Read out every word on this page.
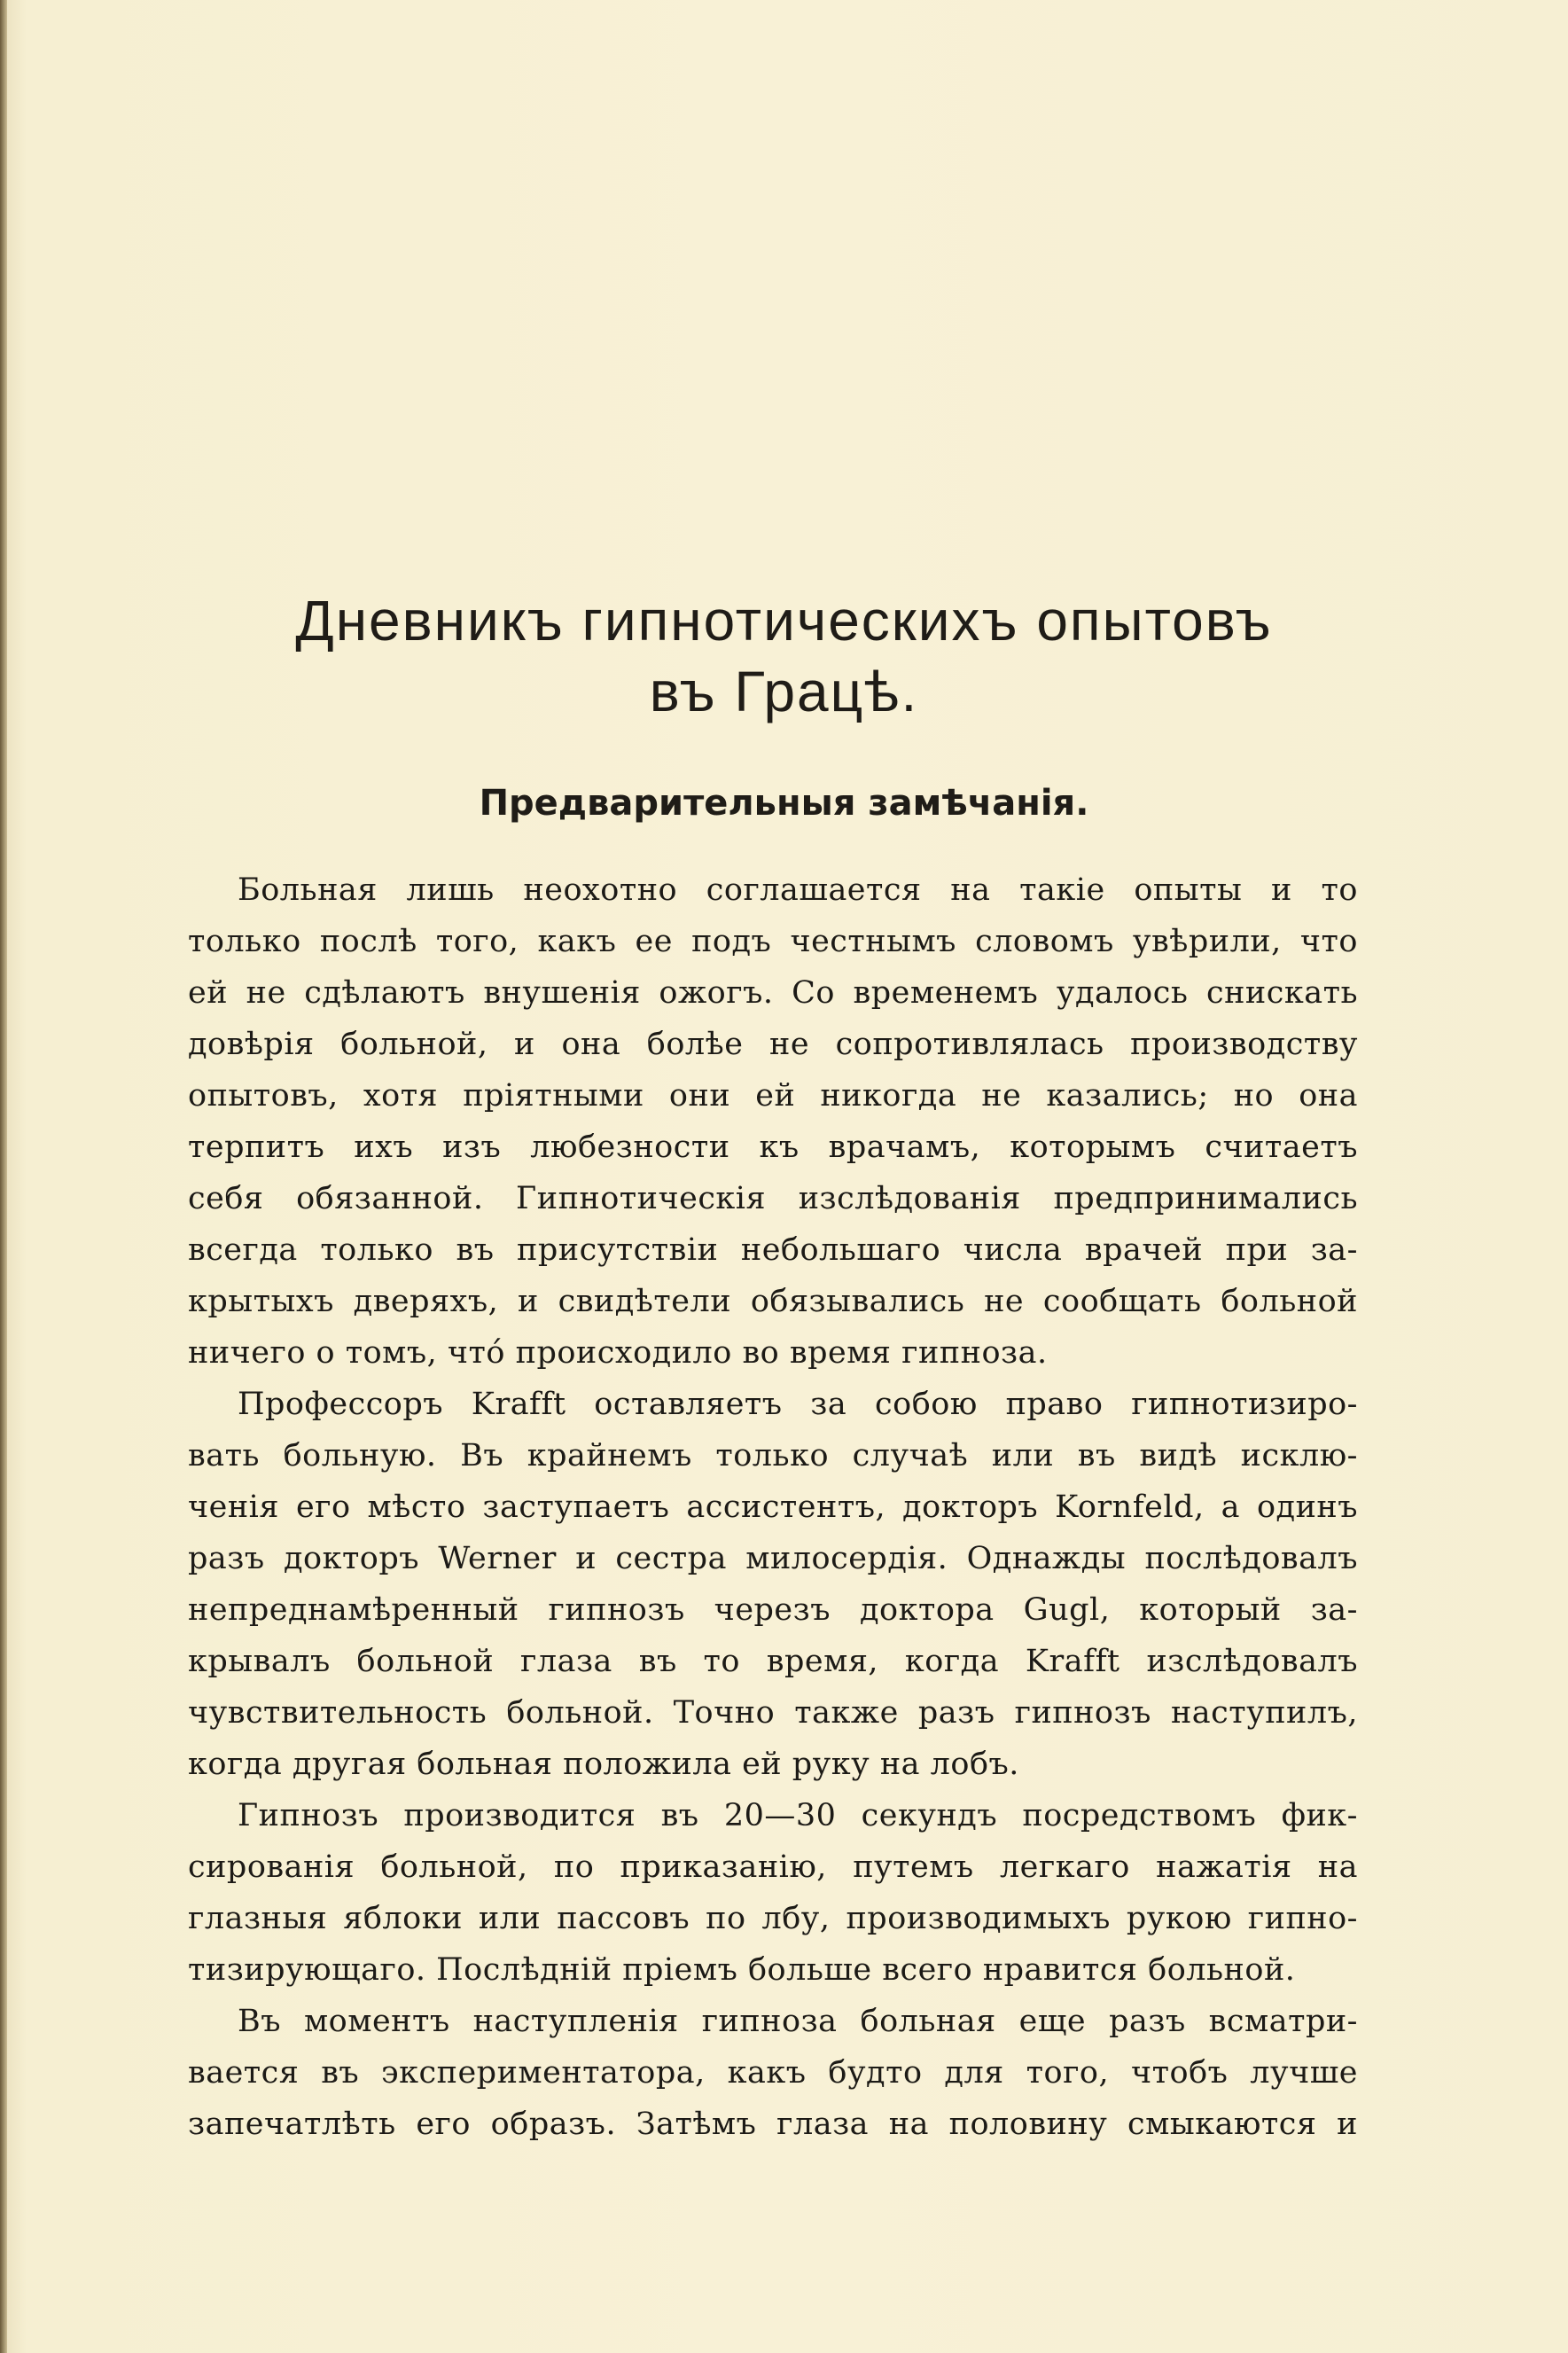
Дневникъ гипнотическихъ опытовъ
въ Грацѣ.
Предварительныя замѣчанія.
Больная лишь неохотно соглашается на такіе опыты и то
только послѣ того, какъ ее подъ честнымъ словомъ увѣрили, что
ей не сдѣлаютъ внушенія ожогъ. Со временемъ удалось снискать
довѣрія больной, и она болѣе не сопротивлялась производству
опытовъ, хотя пріятными они ей никогда не казались; но она
терпитъ ихъ изъ любезности къ врачамъ, которымъ считаетъ
себя обязанной. Гипнотическія изслѣдованія предпринимались
всегда только въ присутствіи небольшаго числа врачей при за-
крытыхъ дверяхъ, и свидѣтели обязывались не сообщать больной
ничего о томъ, чтó происходило во время гипноза.
Профессоръ Krafft оставляетъ за собою право гипнотизиро-
вать больную. Въ крайнемъ только случаѣ или въ видѣ исклю-
ченія его мѣсто заступаетъ ассистентъ, докторъ Kornfeld, а одинъ
разъ докторъ Werner и сестра милосердія. Однажды послѣдовалъ
непреднамѣренный гипнозъ черезъ доктора Gugl, который за-
крывалъ больной глаза въ то время, когда Krafft изслѣдовалъ
чувствительность больной. Точно также разъ гипнозъ наступилъ,
когда другая больная положила ей руку на лобъ.
Гипнозъ производится въ 20—30 секундъ посредствомъ фик-
сированія больной, по приказанію, путемъ легкаго нажатія на
глазныя яблоки или пассовъ по лбу, производимыхъ рукою гипно-
тизирующаго. Послѣдній пріемъ больше всего нравится больной.
Въ моментъ наступленія гипноза больная еще разъ всматри-
вается въ экспериментатора, какъ будто для того, чтобъ лучше
запечатлѣть его образъ. Затѣмъ глаза на половину смыкаются и
